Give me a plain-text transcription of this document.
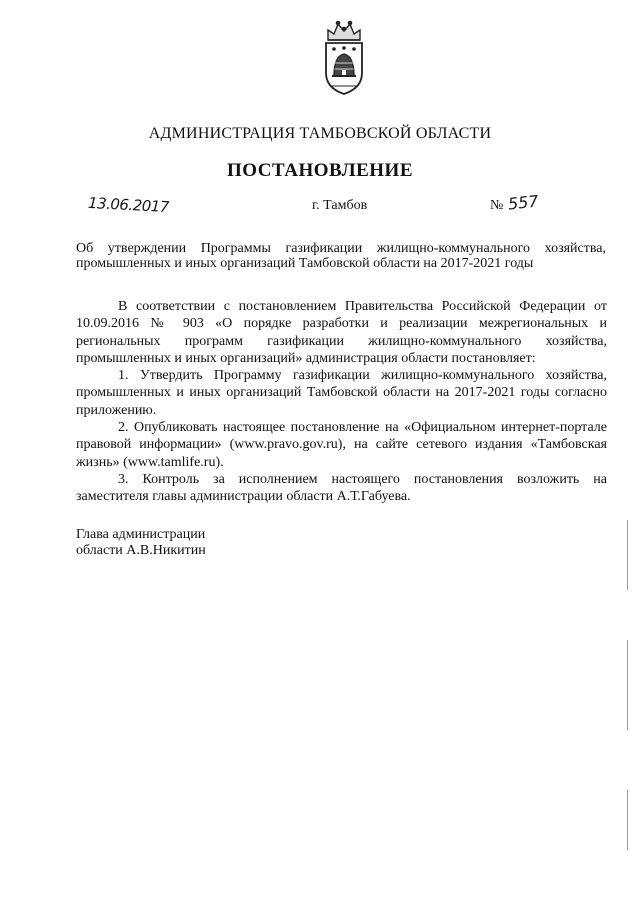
АДМИНИСТРАЦИЯ ТАМБОВСКОЙ ОБЛАСТИ
ПОСТАНОВЛЕНИЕ
13.06.2017	г. Тамбов	№ 557
Об утверждении Программы газификации жилищно-коммунального хозяйства, промышленных и иных организаций Тамбовской области на 2017-2021 годы

В соответствии с постановлением Правительства Российской Федерации от 10.09.2016 № 903 «О порядке разработки и реализации межрегиональных и региональных программ газификации жилищно-коммунального хозяйства, промышленных и иных организаций» администрация области постановляет:

1. Утвердить Программу газификации жилищно-коммунального хозяйства, промышленных и иных организаций Тамбовской области на 2017-2021 годы согласно приложению.

2. Опубликовать настоящее постановление на «Официальном интернет-портале правовой информации» (www.pravo.gov.ru), на сайте сетевого издания «Тамбовская жизнь» (www.tamlife.ru).

3. Контроль за исполнением настоящего постановления возложить на заместителя главы администрации области А.Т.Габуева.

Глава администрации
области А.В.Никитин
